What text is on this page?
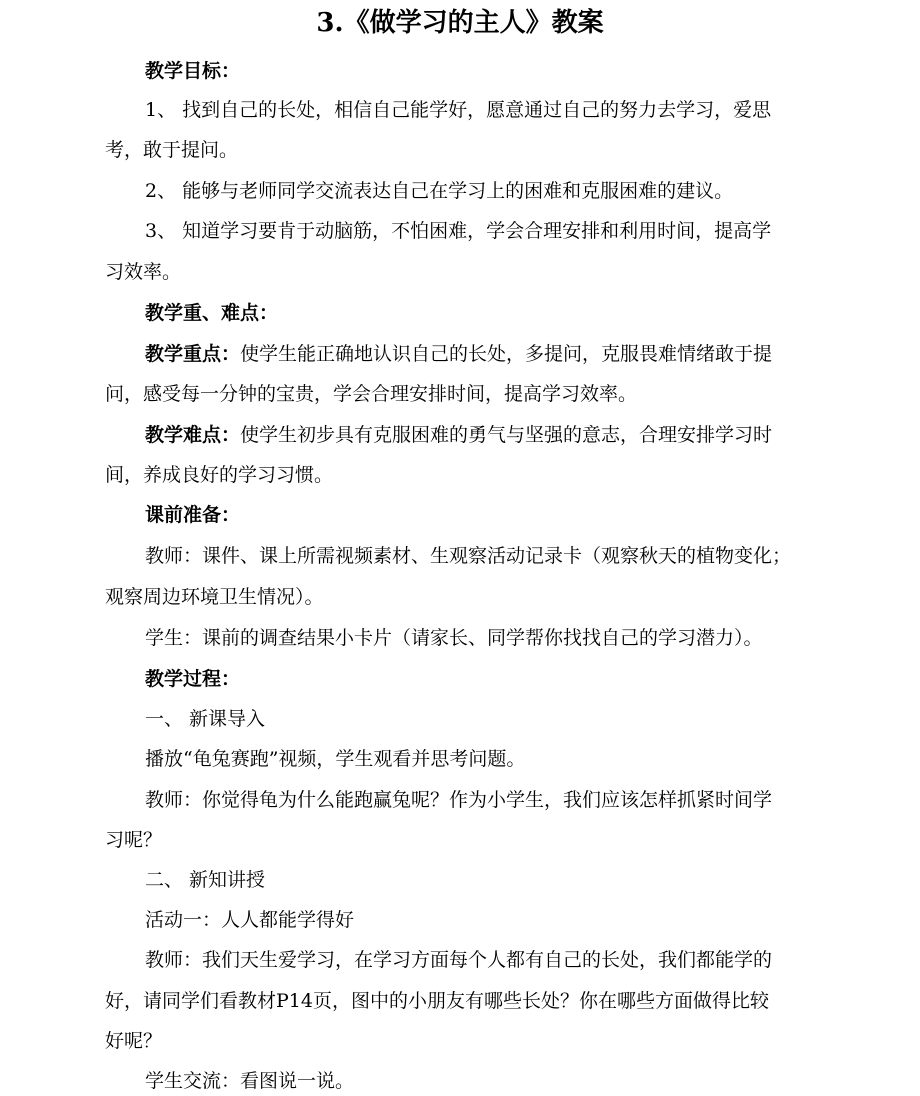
3.《做学习的主人》教案
教学目标：
1、 找到自己的长处，相信自己能学好，愿意通过自己的努力去学习，爱思
考，敢于提问。
2、 能够与老师同学交流表达自己在学习上的困难和克服困难的建议。
3、 知道学习要肯于动脑筋，不怕困难，学会合理安排和利用时间，提高学
习效率。
教学重、难点：
教学重点：使学生能正确地认识自己的长处，多提问，克服畏难情绪敢于提
问，感受每一分钟的宝贵，学会合理安排时间，提高学习效率。
教学难点：使学生初步具有克服困难的勇气与坚强的意志，合理安排学习时
间，养成良好的学习习惯。
课前准备：
教师：课件、课上所需视频素材、生观察活动记录卡（观察秋天的植物变化；
观察周边环境卫生情况）。
学生：课前的调查结果小卡片（请家长、同学帮你找找自己的学习潜力）。
教学过程：
一、 新课导入
播放“龟兔赛跑”视频，学生观看并思考问题。
教师：你觉得龟为什么能跑赢兔呢？作为小学生，我们应该怎样抓紧时间学
习呢？
二、 新知讲授
活动一：人人都能学得好
教师：我们天生爱学习，在学习方面每个人都有自己的长处，我们都能学的
好，请同学们看教材P14页，图中的小朋友有哪些长处？你在哪些方面做得比较
好呢？
学生交流：看图说一说。
